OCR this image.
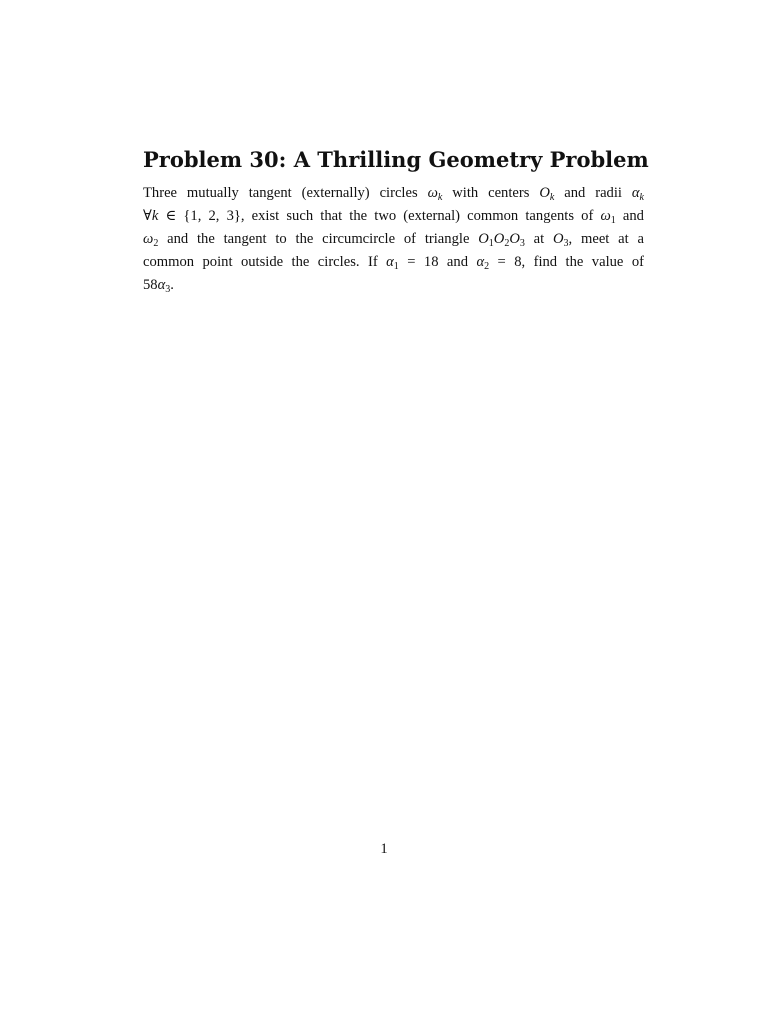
Problem 30: A Thrilling Geometry Problem
Three mutually tangent (externally) circles $\omega_k$ with centers $O_k$ and radii $\alpha_k$
∀k ∈ {1, 2, 3}, exist such that the two (external) common tangents of $\omega_1$ and
$\omega_2$ and the tangent to the circumcircle of triangle $O_1O_2O_3$ at $O_3$, meet at a
common point outside the circles. If $\alpha_1 = 18$ and $\alpha_2 = 8$, find the value of
$58\alpha_3$.
1
